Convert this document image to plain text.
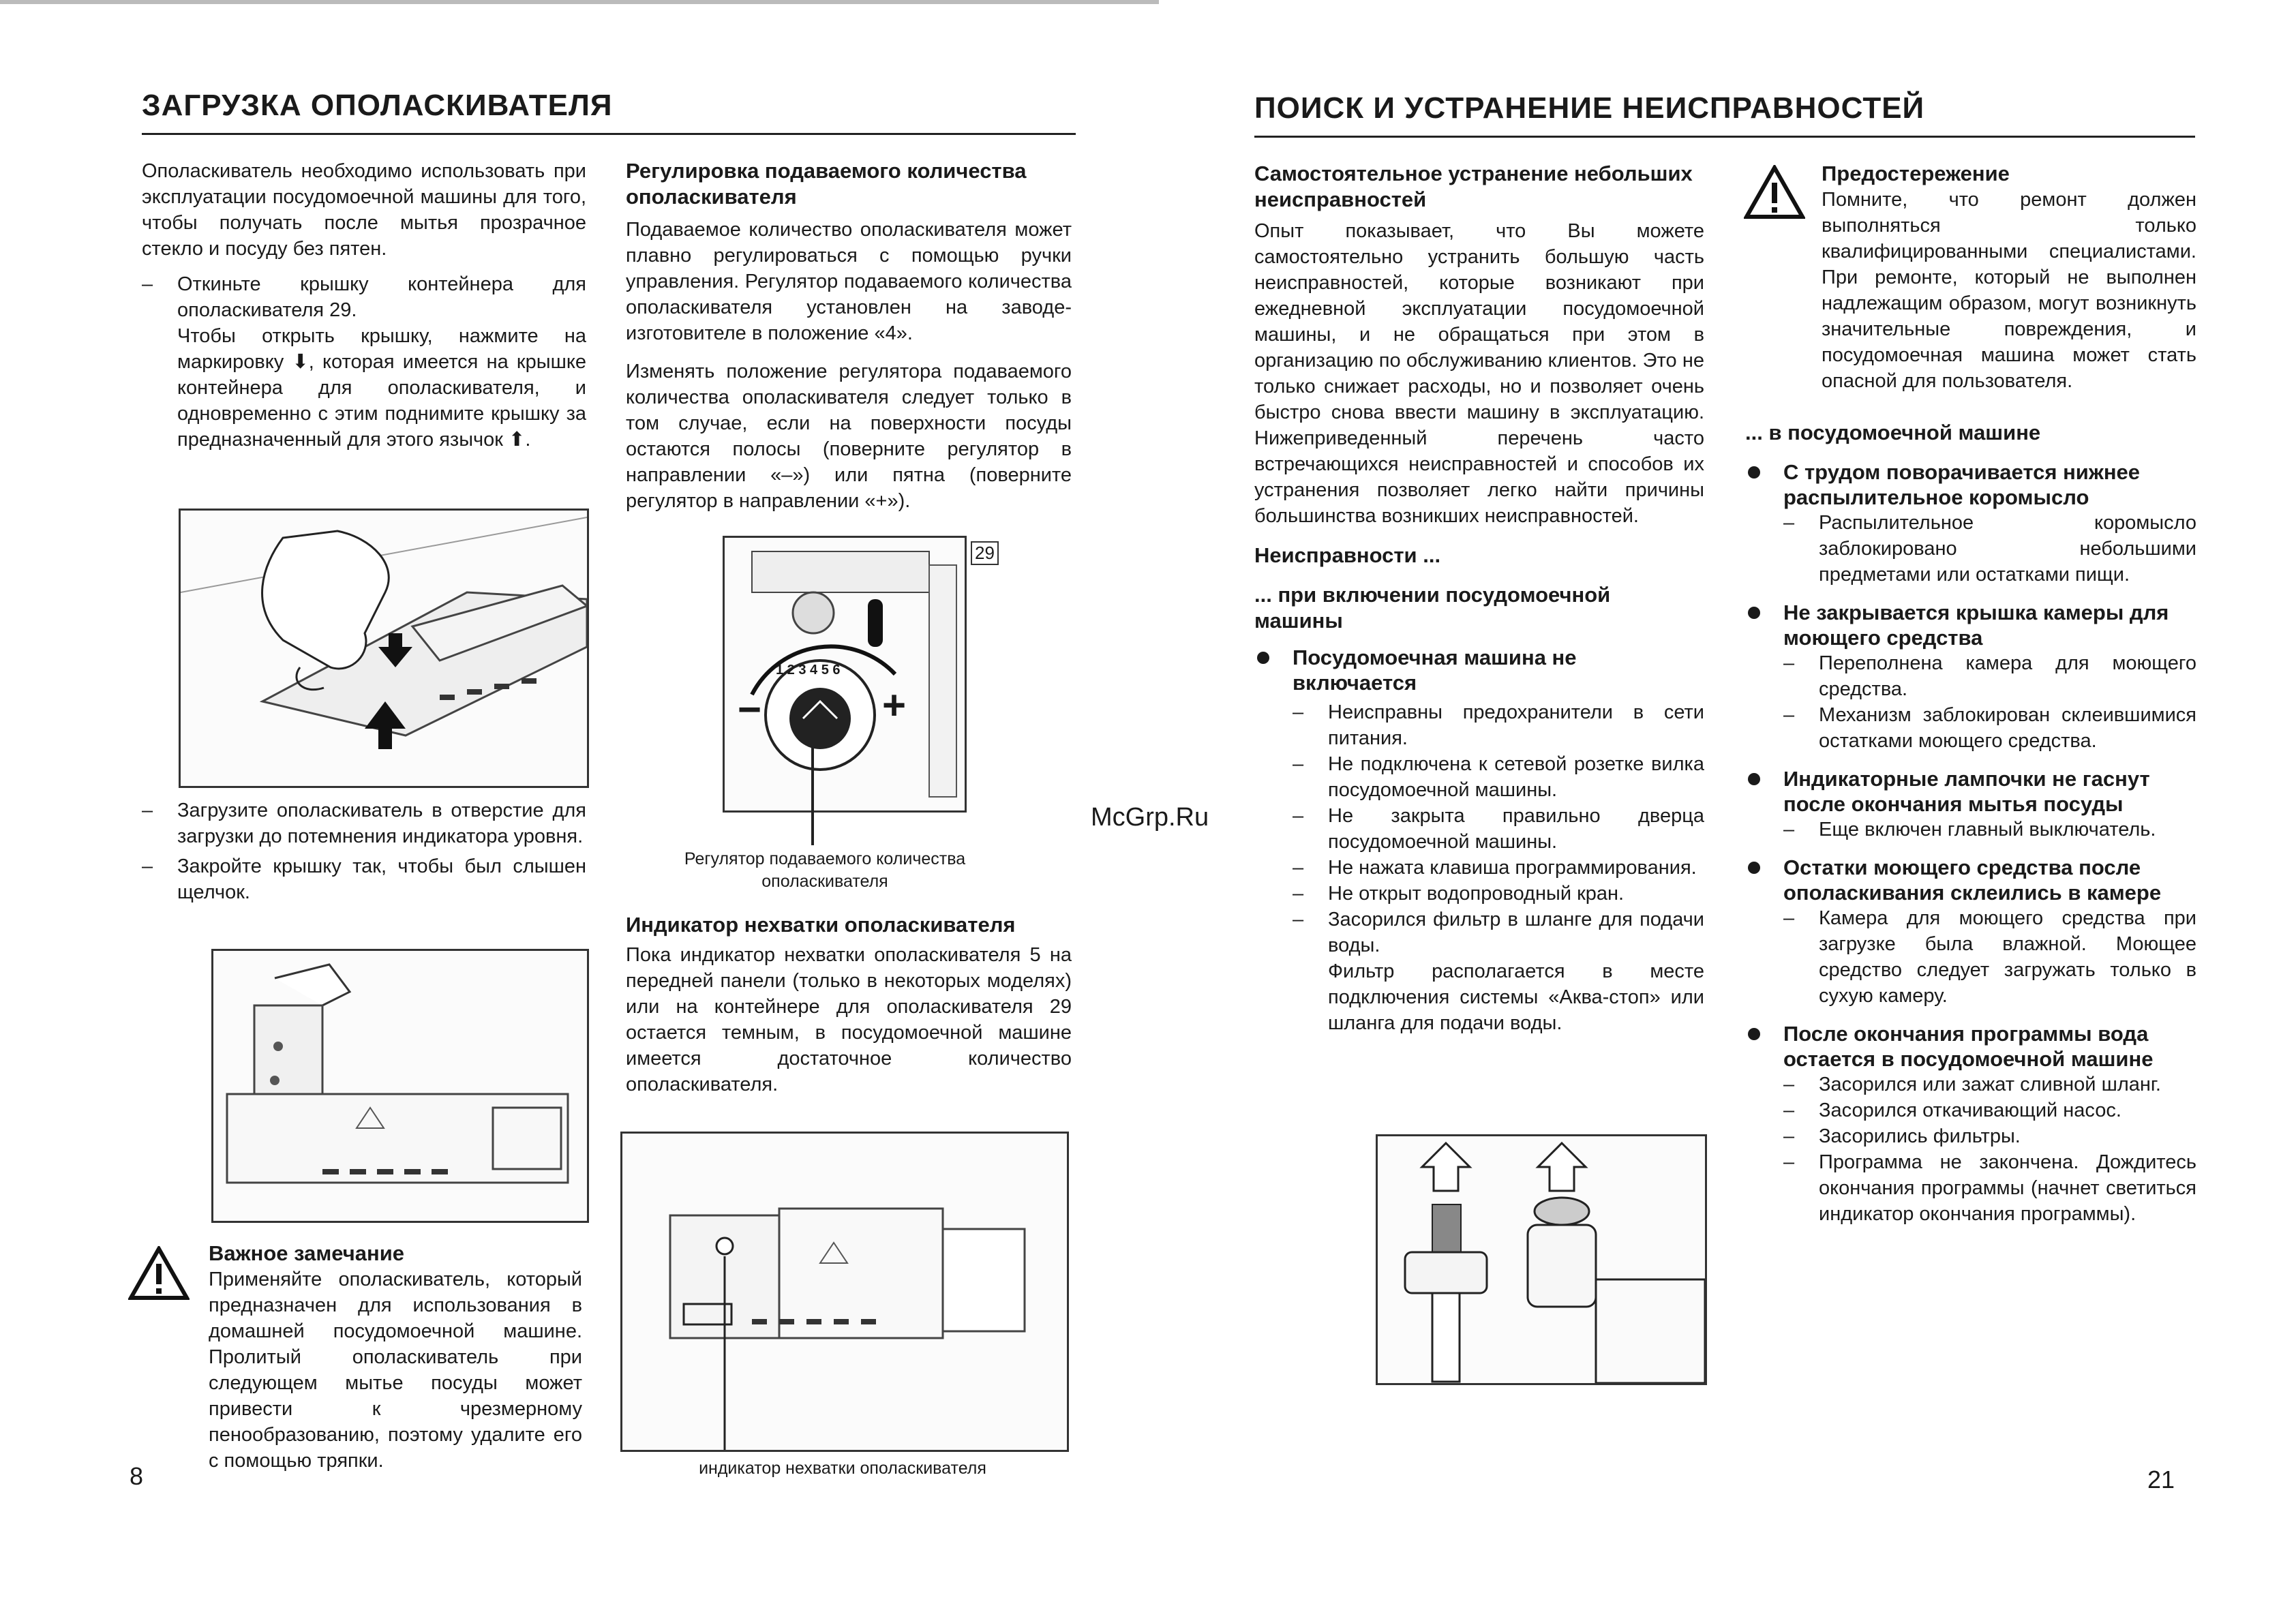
ЗАГРУЗКА ОПОЛАСКИВАТЕЛЯ

Ополаскиватель необходимо использовать при эксплуатации посудомоечной машины для того, чтобы получать после мытья прозрачное стекло и посуду без пятен.

– Откиньте крышку контейнера для ополаскивателя 29.

Чтобы открыть крышку, нажмите на маркировку ⬇, которая имеется на крышке контейнера для ополаскивателя, и одновременно с этим поднимите крышку за предназначенный для этого язычок ⬆.

– Загрузите ополаскиватель в отверстие для загрузки до потемнения индикатора уровня.

– Закройте крышку так, чтобы был слышен щелчок.

Важное замечание

Применяйте ополаскиватель, который предназначен для использования в домашней посудомоечной машине. Пролитый ополаскиватель при следующем мытье посуды может привести к чрезмерному пенообразованию, поэтому удалите его с помощью тряпки.

8

Регулировка подаваемого количества ополаскивателя

Подаваемое количество ополаскивателя может плавно регулироваться с помощью ручки управления. Регулятор подаваемого количества ополаскивателя установлен на заводе-изготовителе в положение «4».

Изменять положение регулятора подаваемого количества ополаскивателя следует только в том случае, если на поверхности посуды остаются полосы (поверните регулятор в направлении «–») или пятна (поверните регулятор в направлении «+»).

29
−	+
1 2 3 4 5 6
Регулятор подаваемого количества ополаскивателя

Индикатор нехватки ополаскивателя

Пока индикатор нехватки ополаскивателя 5 на передней панели (только в некоторых моделях) или на контейнере для ополаскивателя 29 остается темным, в посудомоечной машине имеется достаточное количество ополаскивателя.

индикатор нехватки ополаскивателя
McGrp.Ru
ПОИСК И УСТРАНЕНИЕ НЕИСПРАВНОСТЕЙ

Самостоятельное устранение небольших неисправностей

Опыт показывает, что Вы можете самостоятельно устранить большую часть неисправностей, которые возникают при ежедневной эксплуатации посудомоечной машины, и не обращаться при этом в организацию по обслуживанию клиентов. Это не только снижает расходы, но и позволяет очень быстро снова ввести машину в эксплуатацию. Нижеприведенный перечень часто встречающихся неисправностей и способов их устранения позволяет легко найти причины большинства возникших неисправностей.

Неисправности ...

... при включении посудомоечной машины

Посудомоечная машина не включается

– Неисправны предохранители в сети питания.

– Не подключена к сетевой розетке вилка посудомоечной машины.

– Не закрыта правильно дверца посудомоечной машины.

– Не нажата клавиша программирования.

– Не открыт водопроводный кран.

– Засорился фильтр в шланге для подачи воды.

Фильтр располагается в месте подключения системы «Аква-стоп» или шланга для подачи воды.

Предостережение

Помните, что ремонт должен выполняться только квалифицированными специалистами. При ремонте, который не выполнен надлежащим образом, могут возникнуть значительные повреждения, и посудомоечная машина может стать опасной для пользователя.

... в посудомоечной машине

С трудом поворачивается нижнее распылительное коромысло

– Распылительное коромысло заблокировано небольшими предметами или остатками пищи.

Не закрывается крышка камеры для моющего средства

– Переполнена камера для моющего средства.

– Механизм заблокирован склеившимися остатками моющего средства.

Индикаторные лампочки не гаснут после окончания мытья посуды

– Еще включен главный выключатель.

Остатки моющего средства после ополаскивания склеились в камере

– Камера для моющего средства при загрузке была влажной. Моющее средство следует загружать только в сухую камеру.

После окончания программы вода остается в посудомоечной машине

– Засорился или зажат сливной шланг.

– Засорился откачивающий насос.

– Засорились фильтры.

– Программа не закончена. Дождитесь окончания программы (начнет светиться индикатор окончания программы).

21
